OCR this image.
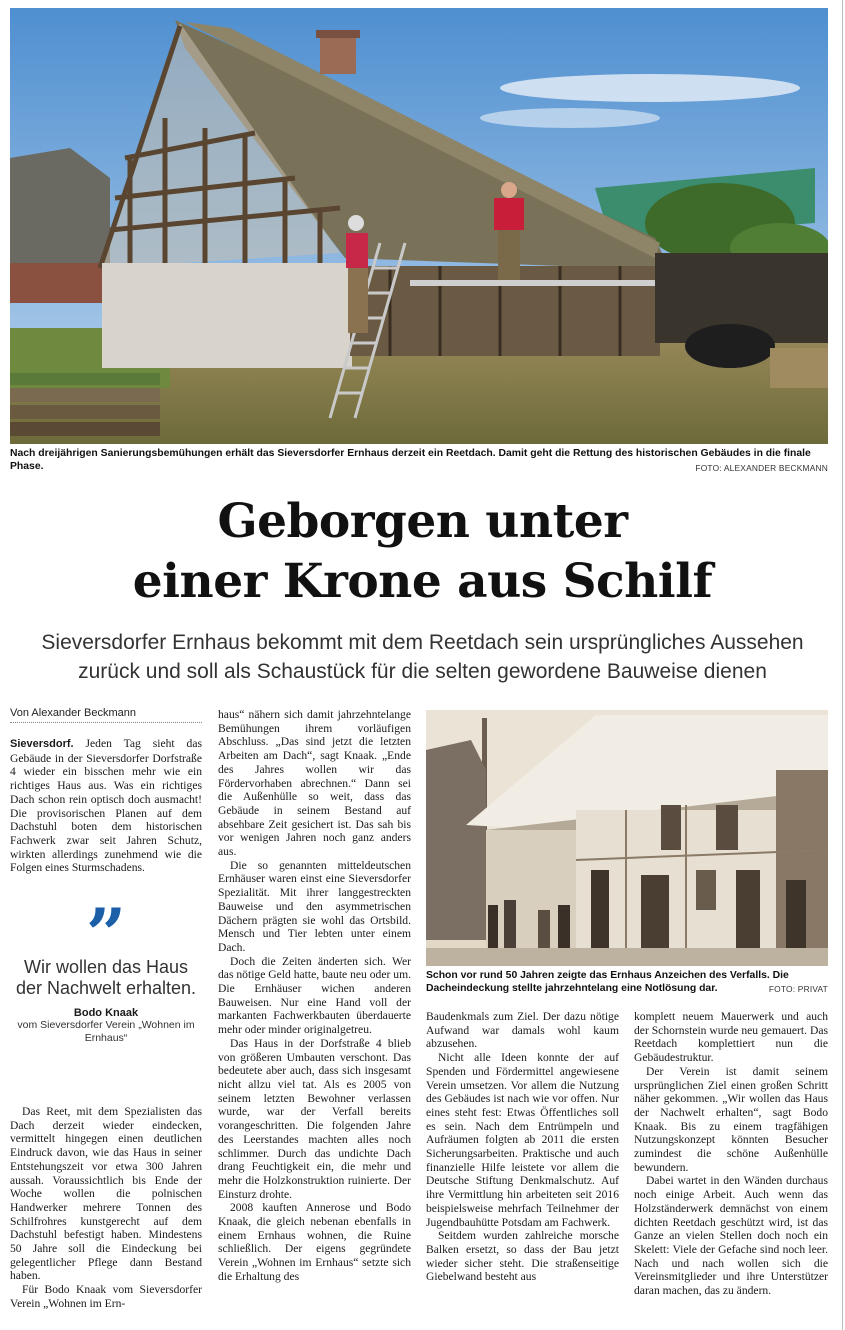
Nach dreijährigen Sanierungsbemühungen erhält das Sieversdorfer Ernhaus derzeit ein Reetdach. Damit geht die Rettung des historischen Gebäudes in die finale Phase.	FOTO: ALEXANDER BECKMANN
Geborgen unter
einer Krone aus Schilf
Sieversdorfer Ernhaus bekommt mit dem Reetdach sein ursprüngliches Aussehen
zurück und soll als Schaustück für die selten gewordene Bauweise dienen
Von Alexander Beckmann

Sieversdorf. Jeden Tag sieht das Gebäude in der Sieversdorfer Dorfstraße 4 wieder ein bisschen mehr wie ein richtiges Haus aus. Was ein richtiges Dach schon rein optisch doch ausmacht! Die provisorischen Planen auf dem Dachstuhl boten dem historischen Fachwerk zwar seit Jahren Schutz, wirkten allerdings zunehmend wie die Folgen eines Sturmschadens.

”
Wir wollen das Haus der Nachwelt erhalten.
Bodo Knaak
vom Sieversdorfer Verein „Wohnen im Ernhaus“

Das Reet, mit dem Spezialisten das Dach derzeit wieder eindecken, vermittelt hingegen einen deutlichen Eindruck davon, wie das Haus in seiner Entstehungszeit vor etwa 300 Jahren aussah. Voraussichtlich bis Ende der Woche wollen die polnischen Handwerker mehrere Tonnen des Schilfrohres kunstgerecht auf dem Dachstuhl befestigt haben. Mindestens 50 Jahre soll die Eindeckung bei gelegentlicher Pflege dann Bestand haben.

Für Bodo Knaak vom Sieversdorfer Verein „Wohnen im Ern-

haus“ nähern sich damit jahrzehntelange Bemühungen ihrem vorläufigen Abschluss. „Das sind jetzt die letzten Arbeiten am Dach“, sagt Knaak. „Ende des Jahres wollen wir das Fördervorhaben abrechnen.“ Dann sei die Außenhülle so weit, dass das Gebäude in seinem Bestand auf absehbare Zeit gesichert ist. Das sah bis vor wenigen Jahren noch ganz anders aus.

Die so genannten mitteldeutschen Ernhäuser waren einst eine Sieversdorfer Spezialität. Mit ihrer langgestreckten Bauweise und den asymmetrischen Dächern prägten sie wohl das Ortsbild. Mensch und Tier lebten unter einem Dach.

Doch die Zeiten änderten sich. Wer das nötige Geld hatte, baute neu oder um. Die Ernhäuser wichen anderen Bauweisen. Nur eine Hand voll der markanten Fachwerkbauten überdauerte mehr oder minder originalgetreu.

Das Haus in der Dorfstraße 4 blieb von größeren Umbauten verschont. Das bedeutete aber auch, dass sich insgesamt nicht allzu viel tat. Als es 2005 von seinem letzten Bewohner verlassen wurde, war der Verfall bereits vorangeschritten. Die folgenden Jahre des Leerstandes machten alles noch schlimmer. Durch das undichte Dach drang Feuchtigkeit ein, die mehr und mehr die Holzkonstruktion ruinierte. Der Einsturz drohte.

2008 kauften Annerose und Bodo Knaak, die gleich nebenan ebenfalls in einem Ernhaus wohnen, die Ruine schließlich. Der eigens gegründete Verein „Wohnen im Ernhaus“ setzte sich die Erhaltung des

Schon vor rund 50 Jahren zeigte das Ernhaus Anzeichen des Verfalls. Die Dacheindeckung stellte jahrzehntelang eine Notlösung dar.	FOTO: PRIVAT

Baudenkmals zum Ziel. Der dazu nötige Aufwand war damals wohl kaum abzusehen.

Nicht alle Ideen konnte der auf Spenden und Fördermittel angewiesene Verein umsetzen. Vor allem die Nutzung des Gebäudes ist nach wie vor offen. Nur eines steht fest: Etwas Öffentliches soll es sein. Nach dem Entrümpeln und Aufräumen folgten ab 2011 die ersten Sicherungsarbeiten. Praktische und auch finanzielle Hilfe leistete vor allem die Deutsche Stiftung Denkmalschutz. Auf ihre Vermittlung hin arbeiteten seit 2016 beispielsweise mehrfach Teilnehmer der Jugendbauhütte Potsdam am Fachwerk.

Seitdem wurden zahlreiche morsche Balken ersetzt, so dass der Bau jetzt wieder sicher steht. Die straßenseitige Giebelwand besteht aus

komplett neuem Mauerwerk und auch der Schornstein wurde neu gemauert. Das Reetdach komplettiert nun die Gebäudestruktur.

Der Verein ist damit seinem ursprünglichen Ziel einen großen Schritt näher gekommen. „Wir wollen das Haus der Nachwelt erhalten“, sagt Bodo Knaak. Bis zu einem tragfähigen Nutzungskonzept könnten Besucher zumindest die schöne Außenhülle bewundern.

Dabei wartet in den Wänden durchaus noch einige Arbeit. Auch wenn das Holzständerwerk demnächst von einem dichten Reetdach geschützt wird, ist das Ganze an vielen Stellen doch noch ein Skelett: Viele der Gefache sind noch leer. Nach und nach wollen sich die Vereinsmitglieder und ihre Unterstützer daran machen, das zu ändern.
